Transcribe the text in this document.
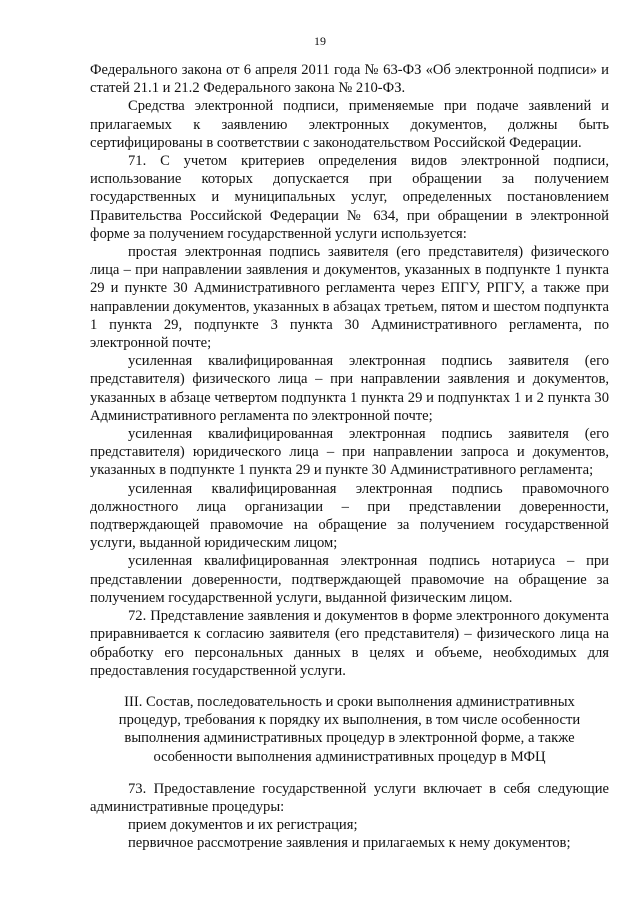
19

Федерального закона от 6 апреля 2011 года № 63-ФЗ «Об электронной подписи» и статей 21.1 и 21.2 Федерального закона № 210-ФЗ.

Средства электронной подписи, применяемые при подаче заявлений и прилагаемых к заявлению электронных документов, должны быть сертифицированы в соответствии с законодательством Российской Федерации.

71. С учетом критериев определения видов электронной подписи, использование которых допускается при обращении за получением государственных и муниципальных услуг, определенных постановлением Правительства Российской Федерации № 634, при обращении в электронной форме за получением государственной услуги используется:

простая электронная подпись заявителя (его представителя) физического лица – при направлении заявления и документов, указанных в подпункте 1 пункта 29 и пункте 30 Административного регламента через ЕПГУ, РПГУ, а также при направлении документов, указанных в абзацах третьем, пятом и шестом подпункта 1 пункта 29, подпункте 3 пункта 30 Административного регламента, по электронной почте;

усиленная квалифицированная электронная подпись заявителя (его представителя) физического лица – при направлении заявления и документов, указанных в абзаце четвертом подпункта 1 пункта 29 и подпунктах 1 и 2 пункта 30 Административного регламента по электронной почте;

усиленная квалифицированная электронная подпись заявителя (его представителя) юридического лица – при направлении запроса и документов, указанных в подпункте 1 пункта 29 и пункте 30 Административного регламента;

усиленная квалифицированная электронная подпись правомочного должностного лица организации – при представлении доверенности, подтверждающей правомочие на обращение за получением государственной услуги, выданной юридическим лицом;

усиленная квалифицированная электронная подпись нотариуса – при представлении доверенности, подтверждающей правомочие на обращение за получением государственной услуги, выданной физическим лицом.

72. Представление заявления и документов в форме электронного документа приравнивается к согласию заявителя (его представителя) – физического лица на обработку его персональных данных в целях и объеме, необходимых для предоставления государственной услуги.

III. Состав, последовательность и сроки выполнения административных
процедур, требования к порядку их выполнения, в том числе особенности
выполнения административных процедур в электронной форме, а также
особенности выполнения административных процедур в МФЦ

73. Предоставление государственной услуги включает в себя следующие административные процедуры:

прием документов и их регистрация;

первичное рассмотрение заявления и прилагаемых к нему документов;
